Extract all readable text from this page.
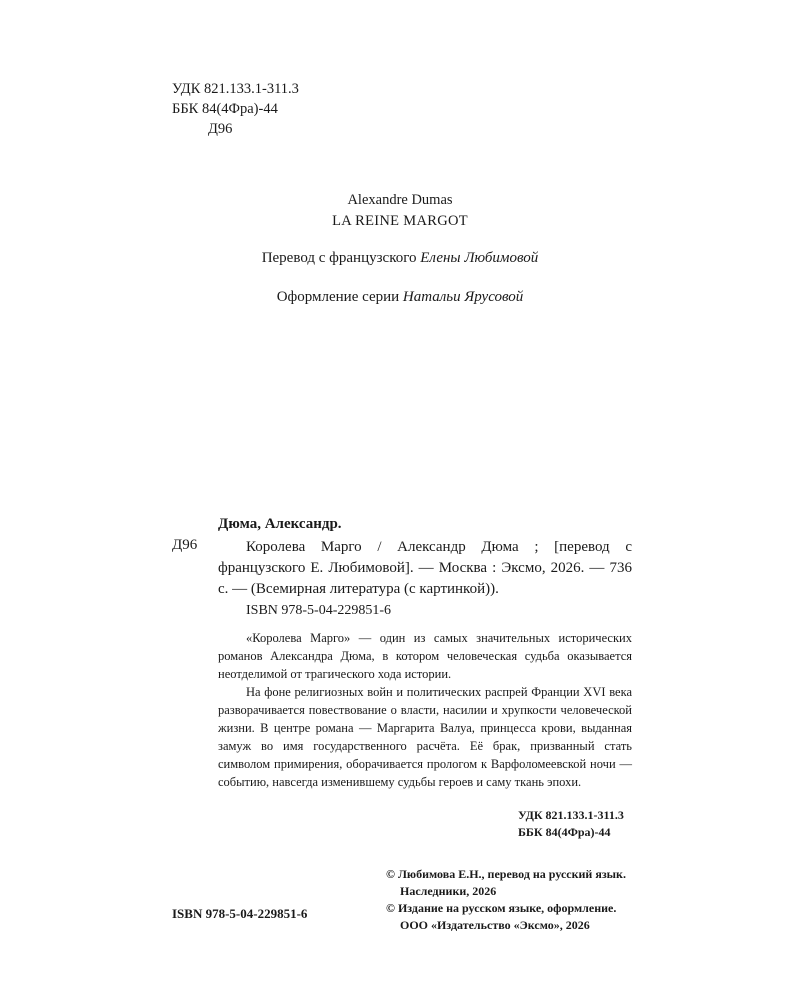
УДК 821.133.1-311.3
ББК 84(4Фра)-44
Д96
Alexandre Dumas
LA REINE MARGOT
Перевод с французского Елены Любимовой
Оформление серии Натальи Ярусовой
Дюма, Александр.
Д96	Королева Марго / Александр Дюма ; [перевод с французского Е. Любимовой]. — Москва : Эксмо, 2026. — 736 с. — (Всемирная литература (с картинкой)).

ISBN 978-5-04-229851-6

«Королева Марго» — один из самых значительных исторических романов Александра Дюма, в котором человеческая судьба оказывается неотделимой от трагического хода истории.

На фоне религиозных войн и политических распрей Франции XVI века разворачивается повествование о власти, насилии и хрупкости человеческой жизни. В центре романа — Маргарита Валуа, принцесса крови, выданная замуж во имя государственного расчёта. Её брак, призванный стать символом примирения, оборачивается прологом к Варфоломеевской ночи — событию, навсегда изменившему судьбы героев и саму ткань эпохи.

УДК 821.133.1-311.3
ББК 84(4Фра)-44
© Любимова Е.Н., перевод на русский язык.
Наследники, 2026
© Издание на русском языке, оформление.
ООО «Издательство «Эксмо», 2026
ISBN 978-5-04-229851-6
